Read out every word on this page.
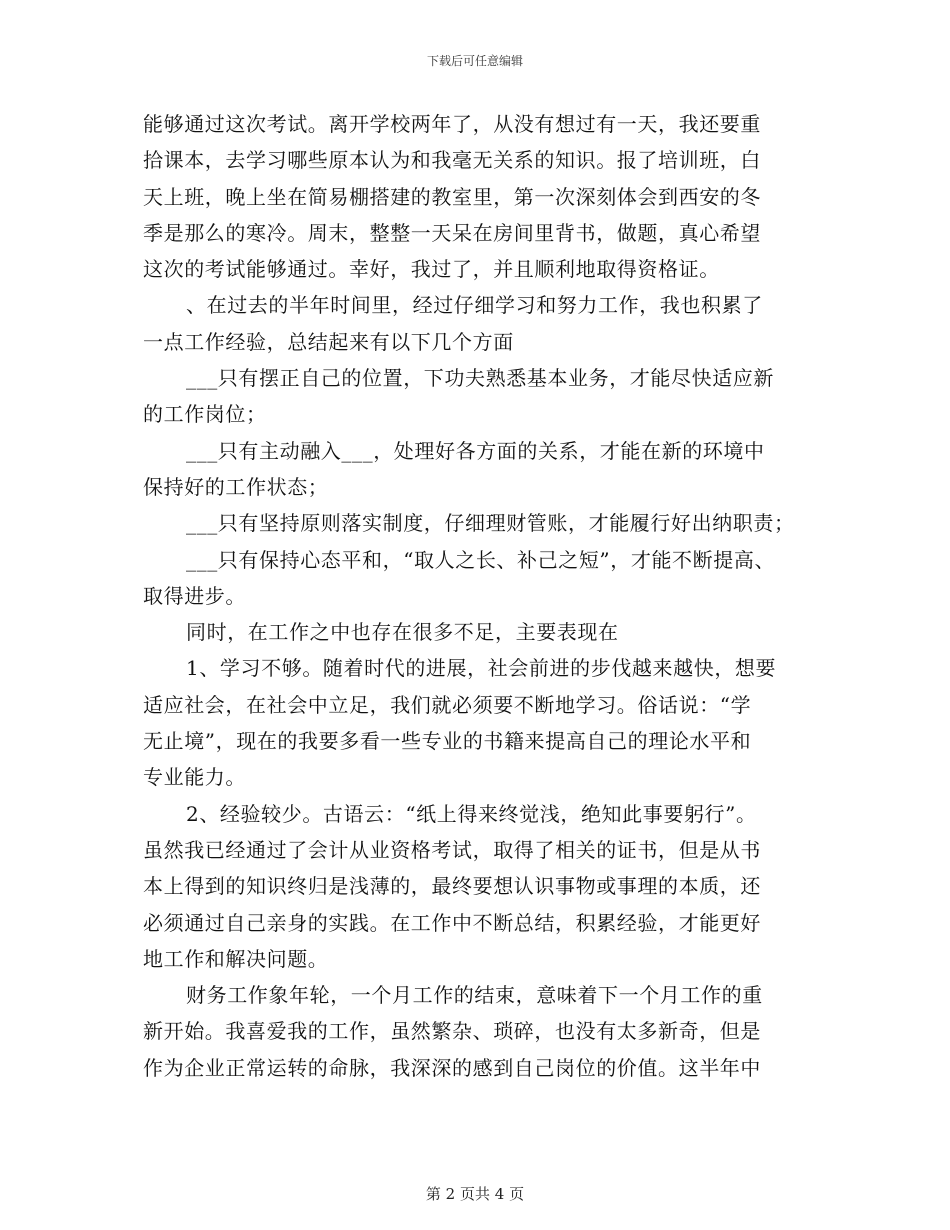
下载后可任意编辑
能够通过这次考试。离开学校两年了，从没有想过有一天，我还要重
拾课本，去学习哪些原本认为和我毫无关系的知识。报了培训班，白
天上班，晚上坐在简易棚搭建的教室里，第一次深刻体会到西安的冬
季是那么的寒冷。周末，整整一天呆在房间里背书，做题，真心希望
这次的考试能够通过。幸好，我过了，并且顺利地取得资格证。
、在过去的半年时间里，经过仔细学习和努力工作，我也积累了
一点工作经验，总结起来有以下几个方面
___只有摆正自己的位置，下功夫熟悉基本业务，才能尽快适应新
的工作岗位；
___只有主动融入___，处理好各方面的关系，才能在新的环境中
保持好的工作状态；
___只有坚持原则落实制度，仔细理财管账，才能履行好出纳职责；
___只有保持心态平和，“取人之长、补己之短”，才能不断提高、
取得进步。
同时，在工作之中也存在很多不足，主要表现在
1、学习不够。随着时代的进展，社会前进的步伐越来越快，想要
适应社会，在社会中立足，我们就必须要不断地学习。俗话说：“学
无止境”，现在的我要多看一些专业的书籍来提高自己的理论水平和
专业能力。
2、经验较少。古语云：“纸上得来终觉浅，绝知此事要躬行”。
虽然我已经通过了会计从业资格考试，取得了相关的证书，但是从书
本上得到的知识终归是浅薄的，最终要想认识事物或事理的本质，还
必须通过自己亲身的实践。在工作中不断总结，积累经验，才能更好
地工作和解决问题。
财务工作象年轮，一个月工作的结束，意味着下一个月工作的重
新开始。我喜爱我的工作，虽然繁杂、琐碎，也没有太多新奇，但是
作为企业正常运转的命脉，我深深的感到自己岗位的价值。这半年中
第 2 页共 4 页
